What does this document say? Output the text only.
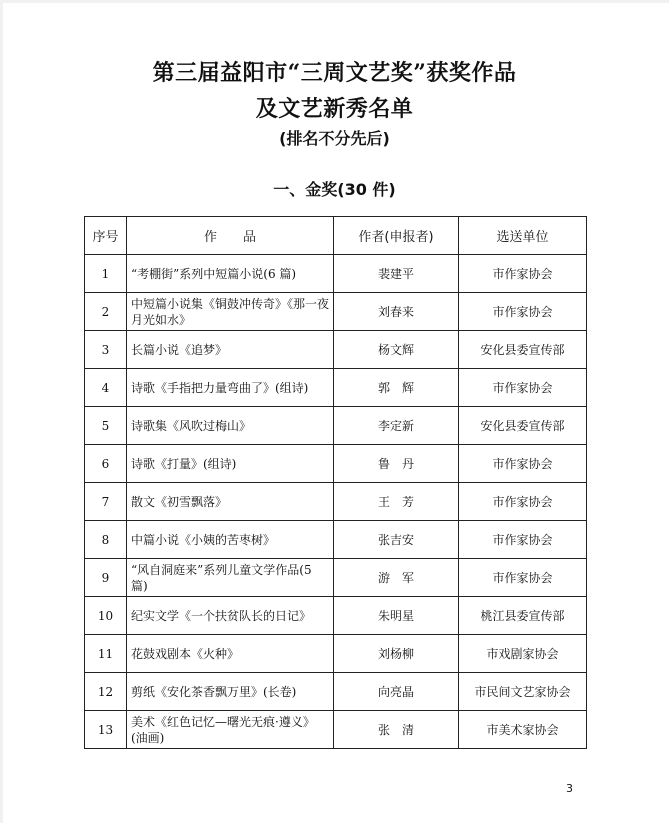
第三届益阳市“三周文艺奖”获奖作品
及文艺新秀名单

(排名不分先后)

一、金奖(30 件)
序号	作　　品	作者(申报者)	选送单位
1	“考棚街”系列中短篇小说(6 篇)	裴建平	市作家协会
2	中短篇小说集《铜鼓冲传奇》《那一夜月光如水》	刘春来	市作家协会
3	长篇小说《追梦》	杨文辉	安化县委宣传部
4	诗歌《手指把力量弯曲了》(组诗)	郭　辉	市作家协会
5	诗歌集《风吹过梅山》	李定新	安化县委宣传部
6	诗歌《打量》(组诗)	鲁　丹	市作家协会
7	散文《初雪飘落》	王　芳	市作家协会
8	中篇小说《小姨的苦枣树》	张吉安	市作家协会
9	“风自洞庭来”系列儿童文学作品(5 篇)	游　军	市作家协会
10	纪实文学《一个扶贫队长的日记》	朱明星	桃江县委宣传部
11	花鼓戏剧本《火种》	刘杨柳	市戏剧家协会
12	剪纸《安化茶香飘万里》(长卷)	向亮晶	市民间文艺家协会
13	美术《红色记忆—曙光无痕·遵义》(油画)	张　清	市美术家协会
3
